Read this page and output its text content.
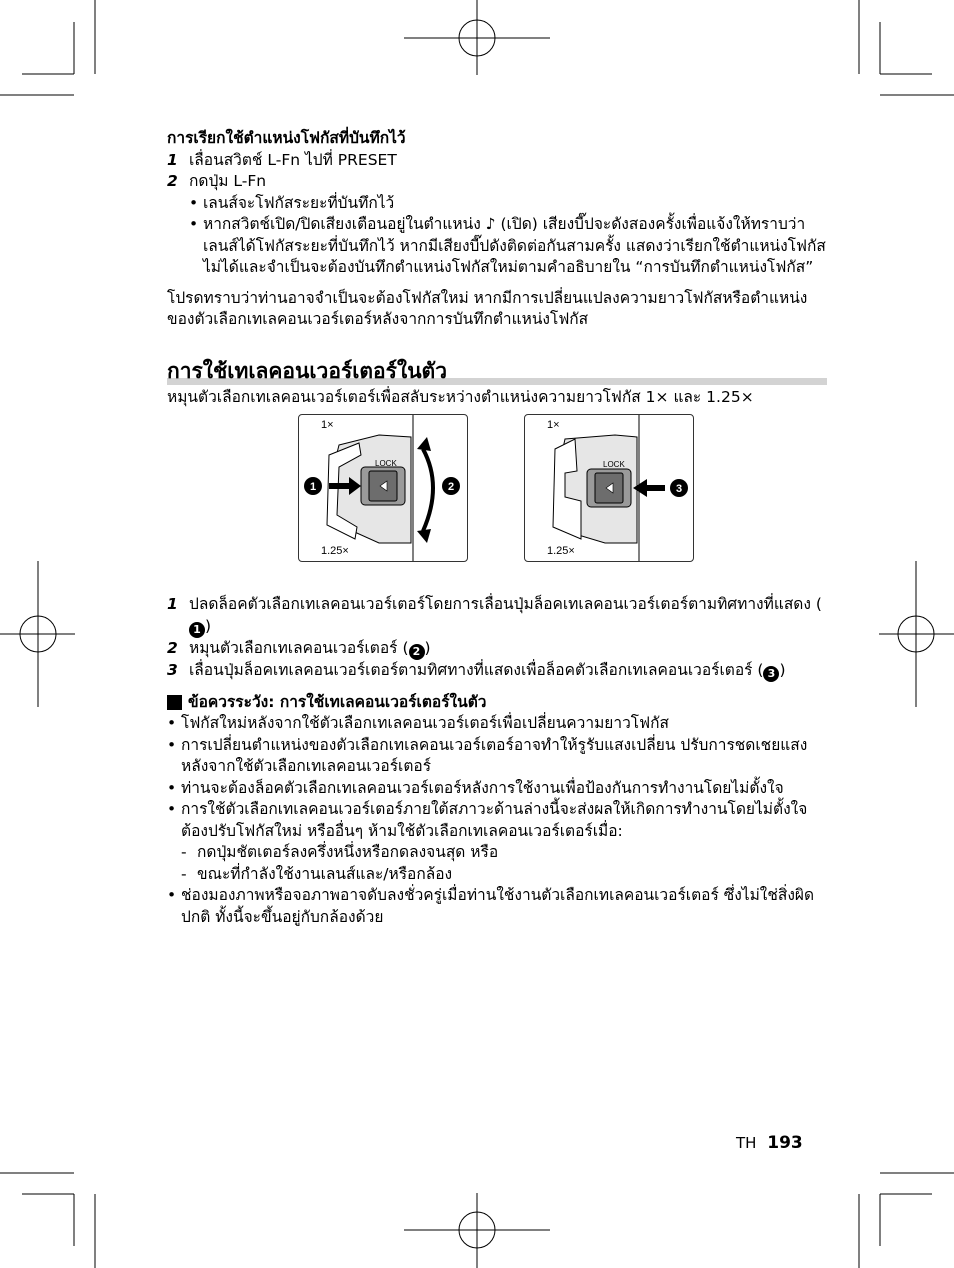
การเรียกใช้ตำแหน่งโฟกัสที่บันทึกไว้
1 เลื่อนสวิตช์ L-Fn ไปที่ PRESET
2 กดปุ่ม L-Fn
• เลนส์จะโฟกัสระยะที่บันทึกไว้
• หากสวิตช์เปิด/ปิดเสียงเตือนอยู่ในตำแหน่ง ♪ (เปิด) เสียงบี๊ปจะดังสองครั้งเพื่อแจ้งให้ทราบว่าเลนส์ได้โฟกัสระยะที่บันทึกไว้ หากมีเสียงบี๊ปดังติดต่อกันสามครั้ง แสดงว่าเรียกใช้ตำแหน่งโฟกัสไม่ได้และจำเป็นจะต้องบันทึกตำแหน่งโฟกัสใหม่ตามคำอธิบายใน “การบันทึกตำแหน่งโฟกัส”
โปรดทราบว่าท่านอาจจำเป็นจะต้องโฟกัสใหม่ หากมีการเปลี่ยนแปลงความยาวโฟกัสหรือตำแหน่งของตัวเลือกเทเลคอนเวอร์เตอร์หลังจากการบันทึกตำแหน่งโฟกัส
การใช้เทเลคอนเวอร์เตอร์ในตัว
หมุนตัวเลือกเทเลคอนเวอร์เตอร์เพื่อสลับระหว่างตำแหน่งความยาวโฟกัส 1× และ 1.25×
1×
1.25×
LOCK
1	2
1×
1.25×
LOCK
3
1 ปลดล็อคตัวเลือกเทเลคอนเวอร์เตอร์โดยการเลื่อนปุ่มล็อคเทเลคอนเวอร์เตอร์ตามทิศทางที่แสดง (1 )
2 หมุนตัวเลือกเทเลคอนเวอร์เตอร์ ( 2 )
3 เลื่อนปุ่มล็อคเทเลคอนเวอร์เตอร์ตามทิศทางที่แสดงเพื่อล็อคตัวเลือกเทเลคอนเวอร์เตอร์ ( 3 )
ข้อควรระวัง: การใช้เทเลคอนเวอร์เตอร์ในตัว
• โฟกัสใหม่หลังจากใช้ตัวเลือกเทเลคอนเวอร์เตอร์เพื่อเปลี่ยนความยาวโฟกัส
• การเปลี่ยนตำแหน่งของตัวเลือกเทเลคอนเวอร์เตอร์อาจทำให้รูรับแสงเปลี่ยน ปรับการชดเชยแสงหลังจากใช้ตัวเลือกเทเลคอนเวอร์เตอร์
• ท่านจะต้องล็อคตัวเลือกเทเลคอนเวอร์เตอร์หลังการใช้งานเพื่อป้องกันการทำงานโดยไม่ตั้งใจ
• การใช้ตัวเลือกเทเลคอนเวอร์เตอร์ภายใต้สภาวะด้านล่างนี้จะส่งผลให้เกิดการทำงานโดยไม่ตั้งใจ ต้องปรับโฟกัสใหม่ หรืออื่นๆ ห้ามใช้ตัวเลือกเทเลคอนเวอร์เตอร์เมื่อ:
- กดปุ่มชัตเตอร์ลงครึ่งหนึ่งหรือกดลงจนสุด หรือ
- ขณะที่กำลังใช้งานเลนส์และ/หรือกล้อง
• ช่องมองภาพหรือจอภาพอาจดับลงชั่วครู่เมื่อท่านใช้งานตัวเลือกเทเลคอนเวอร์เตอร์ ซึ่งไม่ใช่สิ่งผิดปกติ ทั้งนี้จะขึ้นอยู่กับกล้องด้วย
TH 193
